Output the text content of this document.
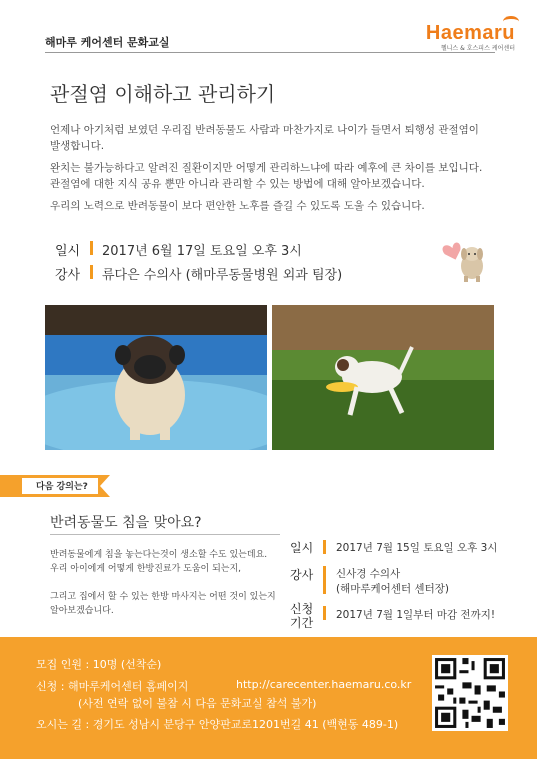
해마루 케어센터 문화교실	Haemaru
헬니스 & 호스피스 케어센터
관절염 이해하고 관리하기
언제나 아기처럼 보였던 우리집 반려동물도 사람과 마찬가지로 나이가 들면서 퇴행성 관절염이
발생합니다.
완치는 불가능하다고 알려진 질환이지만 어떻게 관리하느냐에 따라 예후에 큰 차이를 보입니다.
관절염에 대한 지식 공유 뿐만 아니라 관리할 수 있는 방법에 대해 알아보겠습니다.
우리의 노력으로 반려동물이 보다 편안한 노후를 즐길 수 있도록 도울 수 있습니다.
일시 2017년 6월 17일 토요일 오후 3시
강사 류다은 수의사 (해마루동물병원 외과 팀장)
다음 강의는?
반려동물도 침을 맞아요?
반려동물에게 침을 놓는다는것이 생소할 수도 있는데요.
우리 아이에게 어떻게 한방진료가 도움이 되는지,
그리고 집에서 할 수 있는 한방 마사지는 어떤 것이 있는지
알아보겠습니다.
일시 2017년 7월 15일 토요일 오후 3시
강사 신사경 수의사
(해마루케어센터 센터장)
신청
기간
2017년 7월 1일부터 마감 전까지!
모집 인원 : 10명 (선착순)
신청 : 해마루케어센터 홈페이지	http://carecenter.haemaru.co.kr
(사전 연락 없이 불참 시 다음 문화교실 참석 불가)
오시는 길 : 경기도 성남시 분당구 안양판교로1201번길 41 (백현동 489-1)
